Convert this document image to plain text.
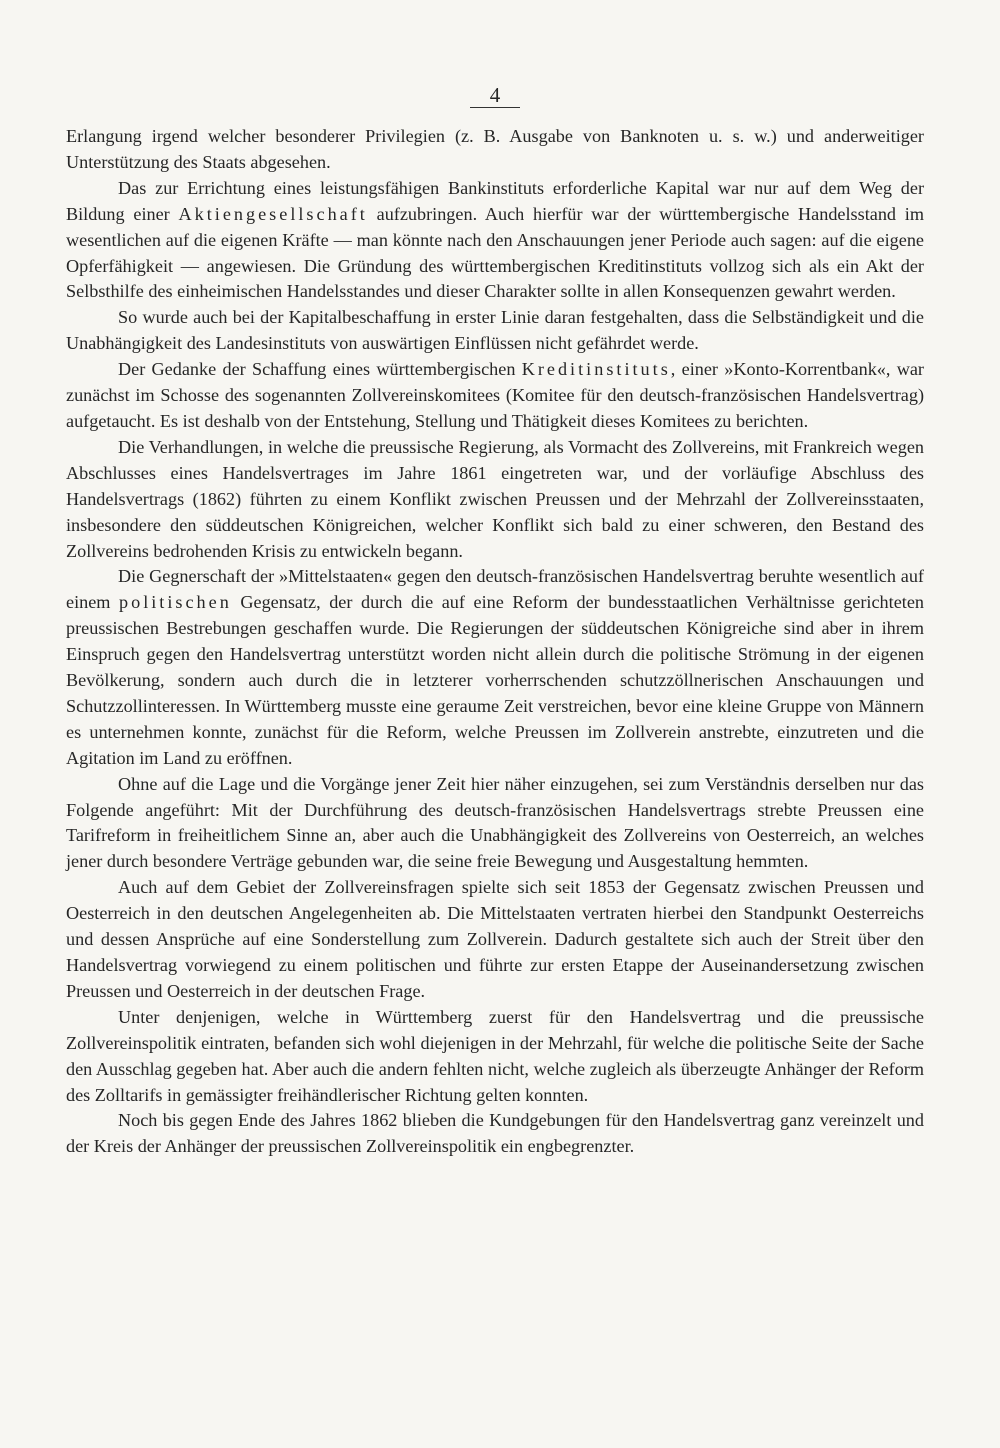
4

Erlangung irgend welcher besonderer Privilegien (z. B. Ausgabe von Banknoten u. s. w.) und anderweitiger Unterstützung des Staats abgesehen.

Das zur Errichtung eines leistungsfähigen Bankinstituts erforderliche Kapital war nur auf dem Weg der Bildung einer Aktiengesellschaft aufzubringen. Auch hierfür war der württembergische Handelsstand im wesentlichen auf die eigenen Kräfte — man könnte nach den Anschauungen jener Periode auch sagen: auf die eigene Opferfähigkeit — angewiesen. Die Gründung des württembergischen Kreditinstituts vollzog sich als ein Akt der Selbsthilfe des einheimischen Handelsstandes und dieser Charakter sollte in allen Konsequenzen gewahrt werden.

So wurde auch bei der Kapitalbeschaffung in erster Linie daran festgehalten, dass die Selbständigkeit und die Unabhängigkeit des Landesinstituts von auswärtigen Einflüssen nicht gefährdet werde.

Der Gedanke der Schaffung eines württembergischen Kreditinstituts, einer »Konto-Korrentbank«, war zunächst im Schosse des sogenannten Zollvereinskomitees (Komitee für den deutsch-französischen Handelsvertrag) aufgetaucht. Es ist deshalb von der Entstehung, Stellung und Thätigkeit dieses Komitees zu berichten.

Die Verhandlungen, in welche die preussische Regierung, als Vormacht des Zollvereins, mit Frankreich wegen Abschlusses eines Handelsvertrages im Jahre 1861 eingetreten war, und der vorläufige Abschluss des Handelsvertrags (1862) führten zu einem Konflikt zwischen Preussen und der Mehrzahl der Zollvereinsstaaten, insbesondere den süddeutschen Königreichen, welcher Konflikt sich bald zu einer schweren, den Bestand des Zollvereins bedrohenden Krisis zu entwickeln begann.

Die Gegnerschaft der »Mittelstaaten« gegen den deutsch-französischen Handelsvertrag beruhte wesentlich auf einem politischen Gegensatz, der durch die auf eine Reform der bundesstaatlichen Verhältnisse gerichteten preussischen Bestrebungen geschaffen wurde. Die Regierungen der süddeutschen Königreiche sind aber in ihrem Einspruch gegen den Handelsvertrag unterstützt worden nicht allein durch die politische Strömung in der eigenen Bevölkerung, sondern auch durch die in letzterer vorherrschenden schutzzöllnerischen Anschauungen und Schutzzollinteressen. In Württemberg musste eine geraume Zeit verstreichen, bevor eine kleine Gruppe von Männern es unternehmen konnte, zunächst für die Reform, welche Preussen im Zollverein anstrebte, einzutreten und die Agitation im Land zu eröffnen.

Ohne auf die Lage und die Vorgänge jener Zeit hier näher einzugehen, sei zum Verständnis derselben nur das Folgende angeführt: Mit der Durchführung des deutsch-französischen Handelsvertrags strebte Preussen eine Tarifreform in freiheitlichem Sinne an, aber auch die Unabhängigkeit des Zollvereins von Oesterreich, an welches jener durch besondere Verträge gebunden war, die seine freie Bewegung und Ausgestaltung hemmten.

Auch auf dem Gebiet der Zollvereinsfragen spielte sich seit 1853 der Gegensatz zwischen Preussen und Oesterreich in den deutschen Angelegenheiten ab. Die Mittelstaaten vertraten hierbei den Standpunkt Oesterreichs und dessen Ansprüche auf eine Sonderstellung zum Zollverein. Dadurch gestaltete sich auch der Streit über den Handelsvertrag vorwiegend zu einem politischen und führte zur ersten Etappe der Auseinandersetzung zwischen Preussen und Oesterreich in der deutschen Frage.

Unter denjenigen, welche in Württemberg zuerst für den Handelsvertrag und die preussische Zollvereinspolitik eintraten, befanden sich wohl diejenigen in der Mehrzahl, für welche die politische Seite der Sache den Ausschlag gegeben hat. Aber auch die andern fehlten nicht, welche zugleich als überzeugte Anhänger der Reform des Zolltarifs in gemässigter freihändlerischer Richtung gelten konnten.

Noch bis gegen Ende des Jahres 1862 blieben die Kundgebungen für den Handelsvertrag ganz vereinzelt und der Kreis der Anhänger der preussischen Zollvereinspolitik ein engbegrenzter.
